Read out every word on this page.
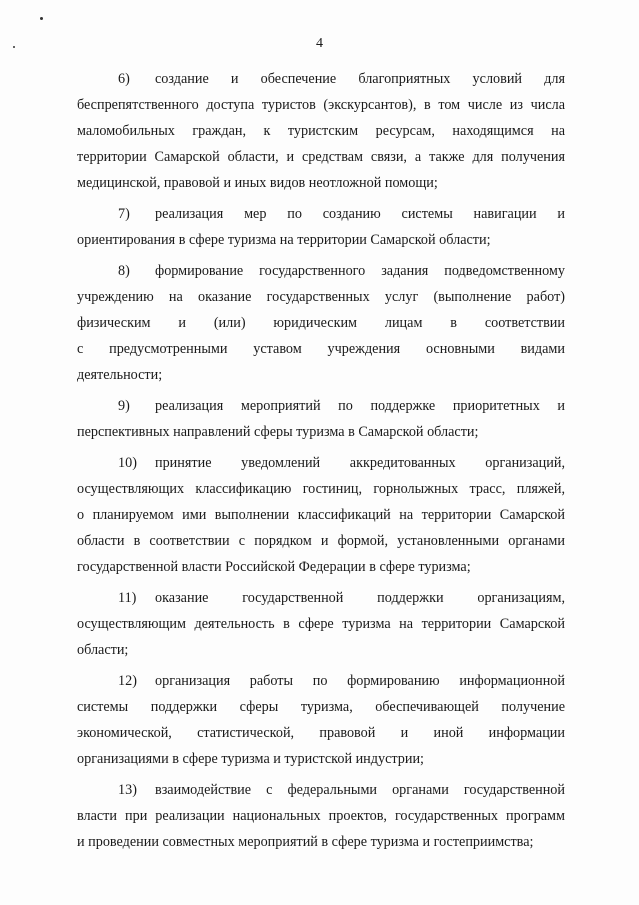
4
6) создание и обеспечение благоприятных условий для
беспрепятственного доступа туристов (экскурсантов), в том числе из числа
маломобильных граждан, к туристским ресурсам, находящимся на
территории Самарской области, и средствам связи, а также для получения
медицинской, правовой и иных видов неотложной помощи;
7) реализация мер по созданию системы навигации и
ориентирования в сфере туризма на территории Самарской области;
8) формирование государственного задания подведомственному
учреждению на оказание государственных услуг (выполнение работ)
физическим и (или) юридическим лицам в соответствии
с предусмотренными уставом учреждения основными видами
деятельности;
9) реализация мероприятий по поддержке приоритетных и
перспективных направлений сферы туризма в Самарской области;
10) принятие уведомлений аккредитованных организаций,
осуществляющих классификацию гостиниц, горнолыжных трасс, пляжей,
о планируемом ими выполнении классификаций на территории Самарской
области в соответствии с порядком и формой, установленными органами
государственной власти Российской Федерации в сфере туризма;
11) оказание государственной поддержки организациям,
осуществляющим деятельность в сфере туризма на территории Самарской
области;
12) организация работы по формированию информационной
системы поддержки сферы туризма, обеспечивающей получение
экономической, статистической, правовой и иной информации
организациями в сфере туризма и туристской индустрии;
13) взаимодействие с федеральными органами государственной
власти при реализации национальных проектов, государственных программ
и проведении совместных мероприятий в сфере туризма и гостеприимства;
